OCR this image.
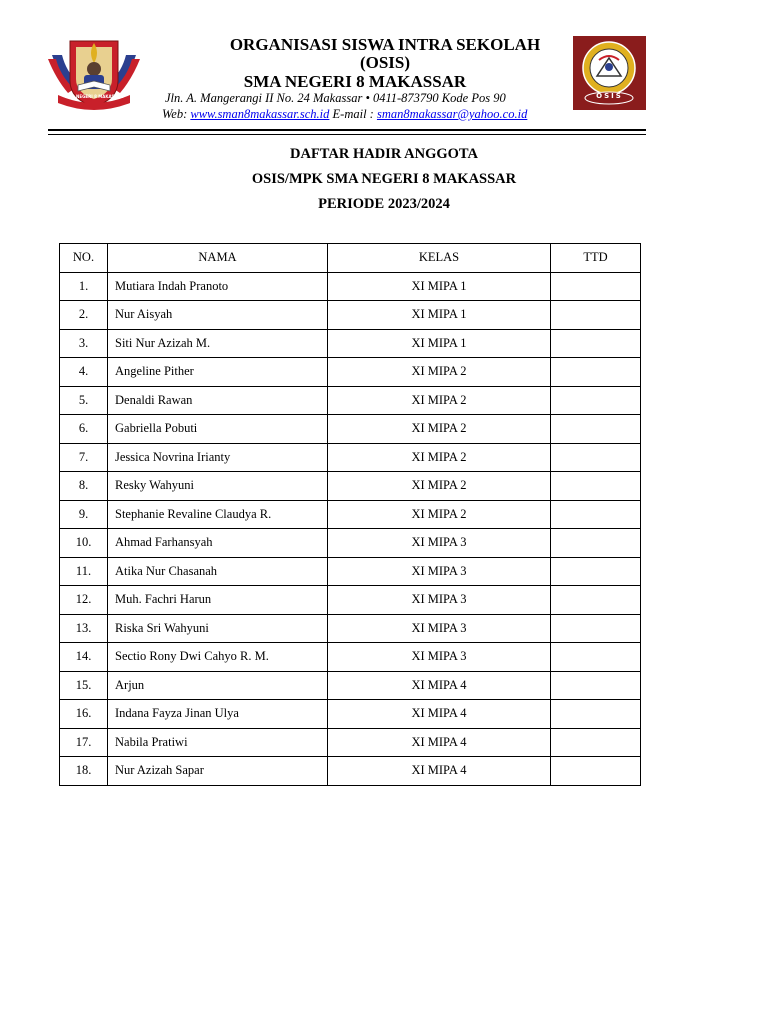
SMA NEGERI 8 MAKASSAR	OSIS
ORGANISASI SISWA INTRA SEKOLAH
(OSIS)
SMA NEGERI 8 MAKASSAR
Jln. A. Mangerangi II No. 24 Makassar • 0411-873790 Kode Pos 90
Web: www.sman8makassar.sch.id E-mail : sman8makassar@yahoo.co.id
DAFTAR HADIR ANGGOTA
OSIS/MPK SMA NEGERI 8 MAKASSAR
PERIODE 2023/2024
NO.	NAMA	KELAS	TTD
1.	Mutiara Indah Pranoto	XI MIPA 1	
2.	Nur Aisyah	XI MIPA 1	
3.	Siti Nur Azizah M.	XI MIPA 1	
4.	Angeline Pither	XI MIPA 2	
5.	Denaldi Rawan	XI MIPA 2	
6.	Gabriella Pobuti	XI MIPA 2	
7.	Jessica Novrina Irianty	XI MIPA 2	
8.	Resky Wahyuni	XI MIPA 2	
9.	Stephanie Revaline Claudya R.	XI MIPA 2	
10.	Ahmad Farhansyah	XI MIPA 3	
11.	Atika Nur Chasanah	XI MIPA 3	
12.	Muh. Fachri Harun	XI MIPA 3	
13.	Riska Sri Wahyuni	XI MIPA 3	
14.	Sectio Rony Dwi Cahyo R. M.	XI MIPA 3	
15.	Arjun	XI MIPA 4	
16.	Indana Fayza Jinan Ulya	XI MIPA 4	
17.	Nabila Pratiwi	XI MIPA 4	
18.	Nur Azizah Sapar	XI MIPA 4	
